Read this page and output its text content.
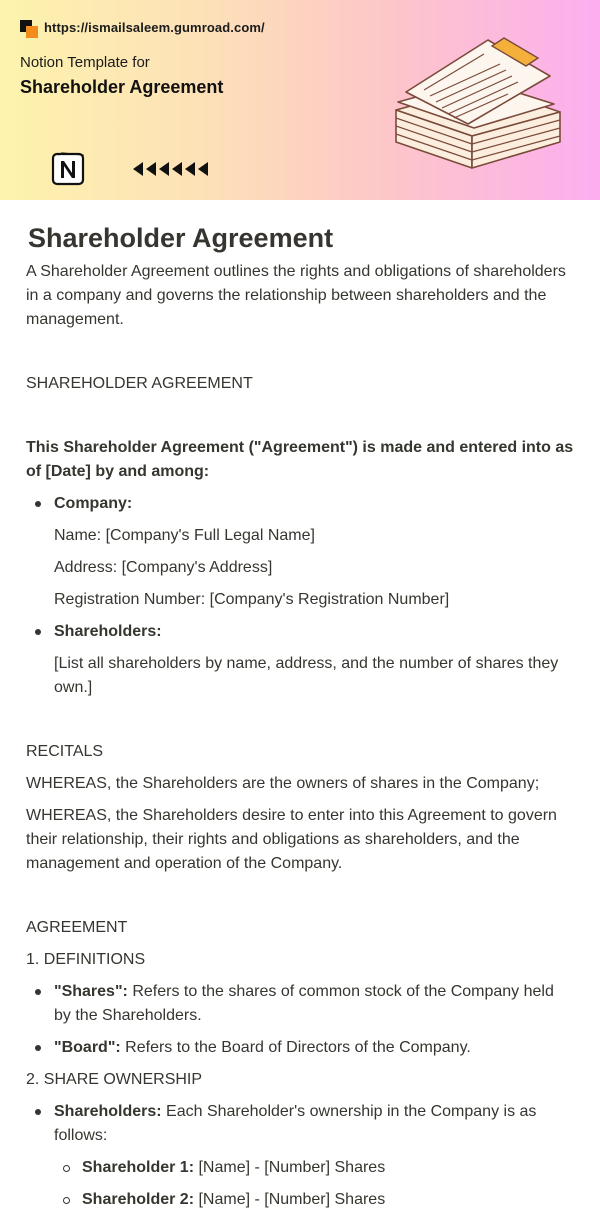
https://ismailsaleem.gumroad.com/
Notion Template for
Shareholder Agreement
Shareholder Agreement

A Shareholder Agreement outlines the rights and obligations of shareholders in a company and governs the relationship between shareholders and the management.

SHAREHOLDER AGREEMENT

This Shareholder Agreement ("Agreement") is made and entered into as of [Date] by and among:

Company:

Name: [Company's Full Legal Name]

Address: [Company's Address]

Registration Number: [Company's Registration Number]

Shareholders:

[List all shareholders by name, address, and the number of shares they own.]

RECITALS

WHEREAS, the Shareholders are the owners of shares in the Company;

WHEREAS, the Shareholders desire to enter into this Agreement to govern their relationship, their rights and obligations as shareholders, and the management and operation of the Company.

AGREEMENT

1. DEFINITIONS

"Shares": Refers to the shares of common stock of the Company held by the Shareholders.
"Board": Refers to the Board of Directors of the Company.

2. SHARE OWNERSHIP

Shareholders: Each Shareholder's ownership in the Company is as follows:
Shareholder 1: [Name] - [Number] Shares
Shareholder 2: [Name] - [Number] Shares
